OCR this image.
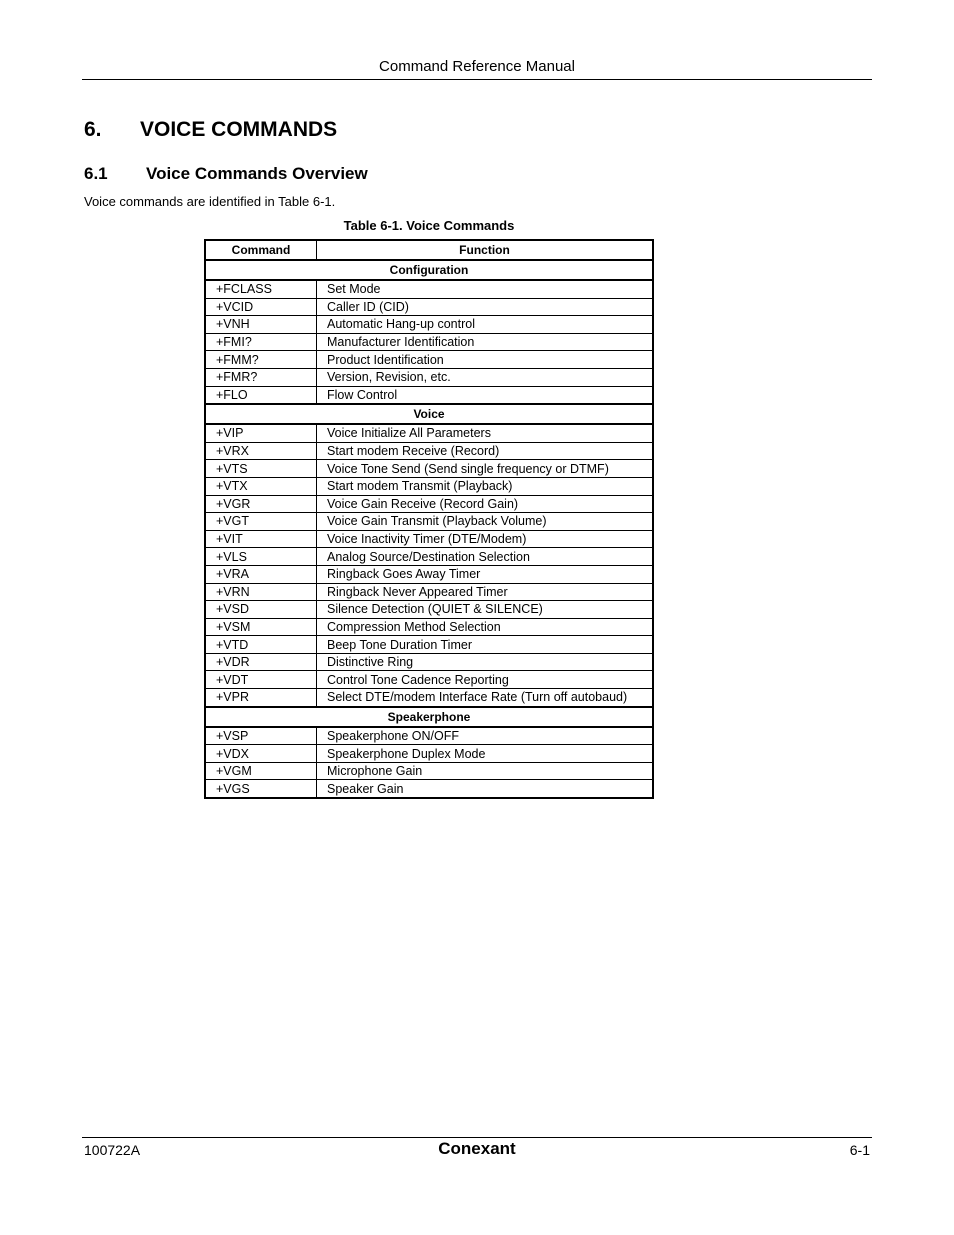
Command Reference Manual
6.	VOICE COMMANDS
6.1	Voice Commands Overview
Voice commands are identified in Table 6-1.
Table 6-1. Voice Commands
Command	Function
Configuration	
+FCLASS	Set Mode
+VCID	Caller ID (CID)
+VNH	Automatic Hang-up control
+FMI?	Manufacturer Identification
+FMM?	Product Identification
+FMR?	Version, Revision, etc.
+FLO	Flow Control
Voice	
+VIP	Voice Initialize All Parameters
+VRX	Start modem Receive (Record)
+VTS	Voice Tone Send (Send single frequency or DTMF)
+VTX	Start modem Transmit (Playback)
+VGR	Voice Gain Receive (Record Gain)
+VGT	Voice Gain Transmit (Playback Volume)
+VIT	Voice Inactivity Timer (DTE/Modem)
+VLS	Analog Source/Destination Selection
+VRA	Ringback Goes Away Timer
+VRN	Ringback Never Appeared Timer
+VSD	Silence Detection (QUIET & SILENCE)
+VSM	Compression Method Selection
+VTD	Beep Tone Duration Timer
+VDR	Distinctive Ring
+VDT	Control Tone Cadence Reporting
+VPR	Select DTE/modem Interface Rate (Turn off autobaud)
Speakerphone	
+VSP	Speakerphone ON/OFF
+VDX	Speakerphone Duplex Mode
+VGM	Microphone Gain
+VGS	Speaker Gain
100722A	Conexant	6-1
